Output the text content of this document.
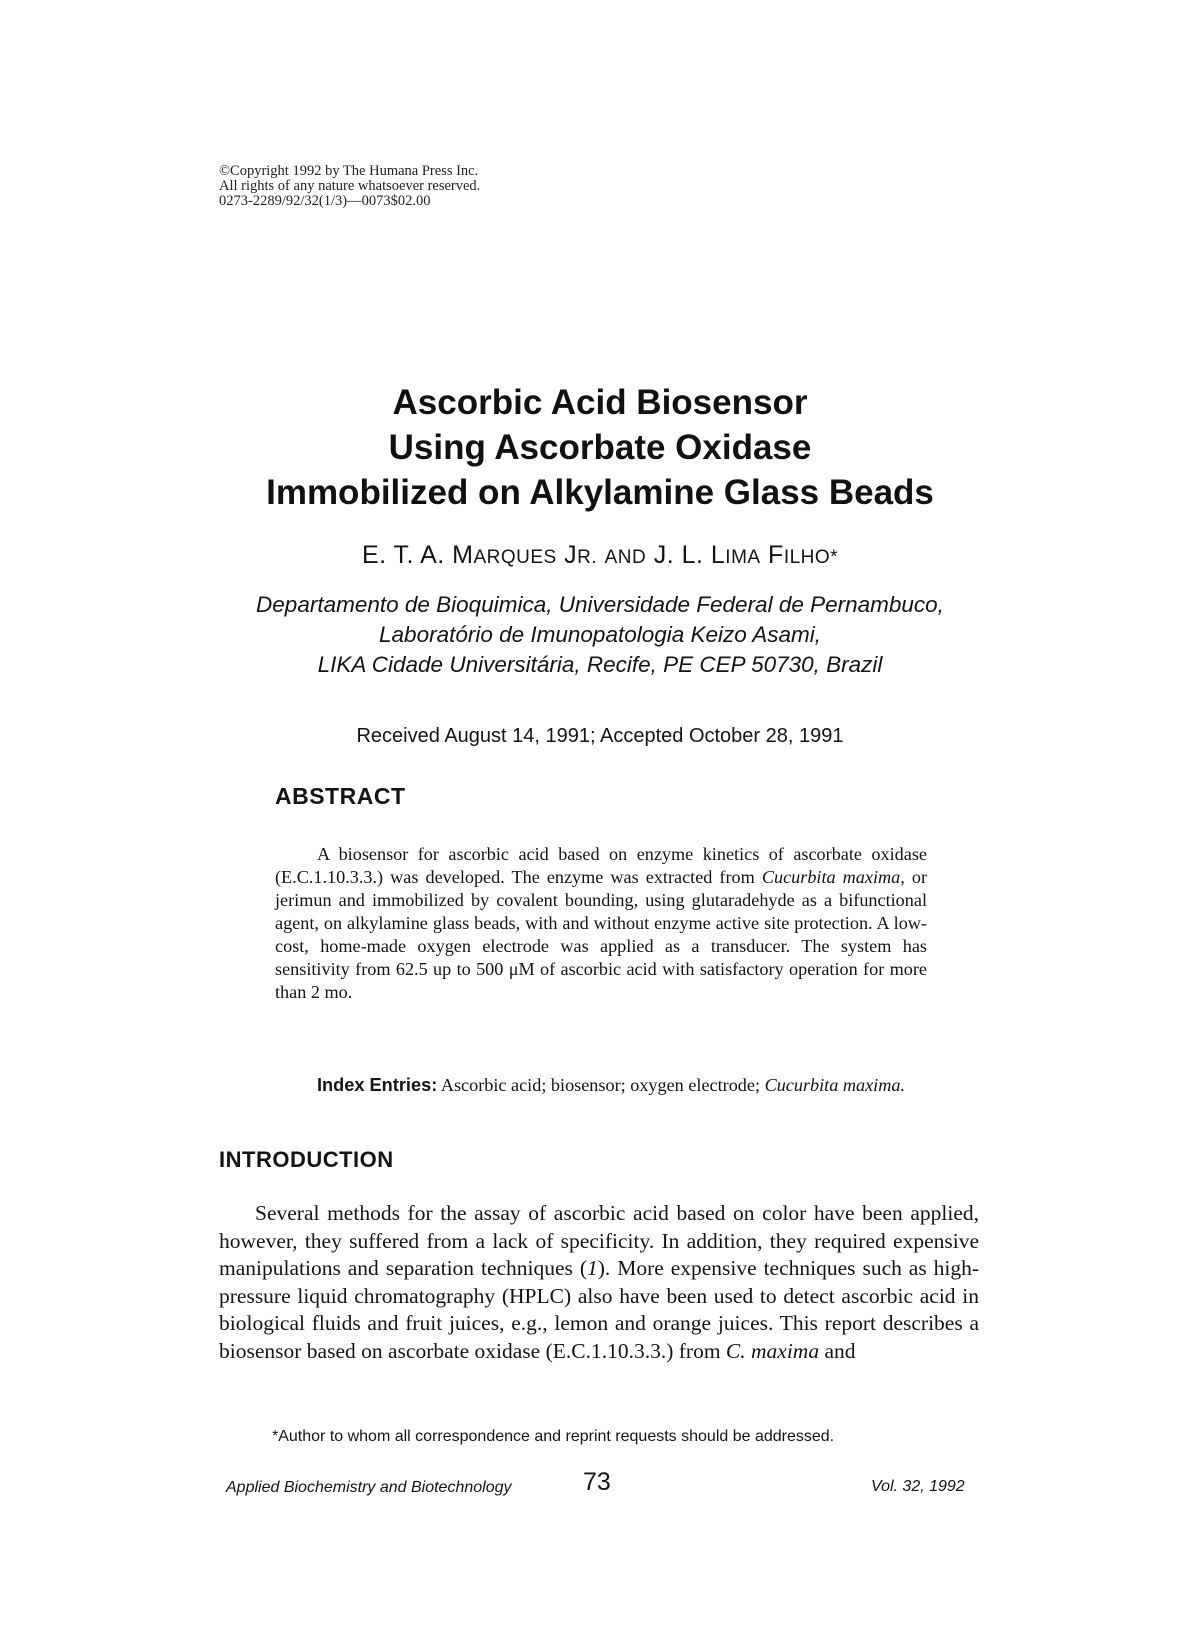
©Copyright 1992 by The Humana Press Inc.
All rights of any nature whatsoever reserved.
0273-2289/92/32(1/3)—0073$02.00
Ascorbic Acid Biosensor
Using Ascorbate Oxidase
Immobilized on Alkylamine Glass Beads
E. T. A. MARQUES JR. AND J. L. LIMA FILHO*
Departamento de Bioquimica, Universidade Federal de Pernambuco,
Laboratório de Imunopatologia Keizo Asami,
LIKA Cidade Universitária, Recife, PE CEP 50730, Brazil
Received August 14, 1991; Accepted October 28, 1991
ABSTRACT
A biosensor for ascorbic acid based on enzyme kinetics of ascorbate oxidase (E.C.1.10.3.3.) was developed. The enzyme was extracted from Cucurbita maxima, or jerimun and immobilized by covalent bounding, using glutaradehyde as a bifunctional agent, on alkylamine glass beads, with and without enzyme active site protection. A low-cost, home-made oxygen electrode was applied as a transducer. The system has sensitivity from 62.5 up to 500 μM of ascorbic acid with satisfactory operation for more than 2 mo.
Index Entries: Ascorbic acid; biosensor; oxygen electrode; Cucurbita maxima.
INTRODUCTION
Several methods for the assay of ascorbic acid based on color have been applied, however, they suffered from a lack of specificity. In addition, they required expensive manipulations and separation techniques (1). More expensive techniques such as high-pressure liquid chromatography (HPLC) also have been used to detect ascorbic acid in biological fluids and fruit juices, e.g., lemon and orange juices. This report describes a biosensor based on ascorbate oxidase (E.C.1.10.3.3.) from C. maxima and
*Author to whom all correspondence and reprint requests should be addressed.
Applied Biochemistry and Biotechnology	73	Vol. 32, 1992
